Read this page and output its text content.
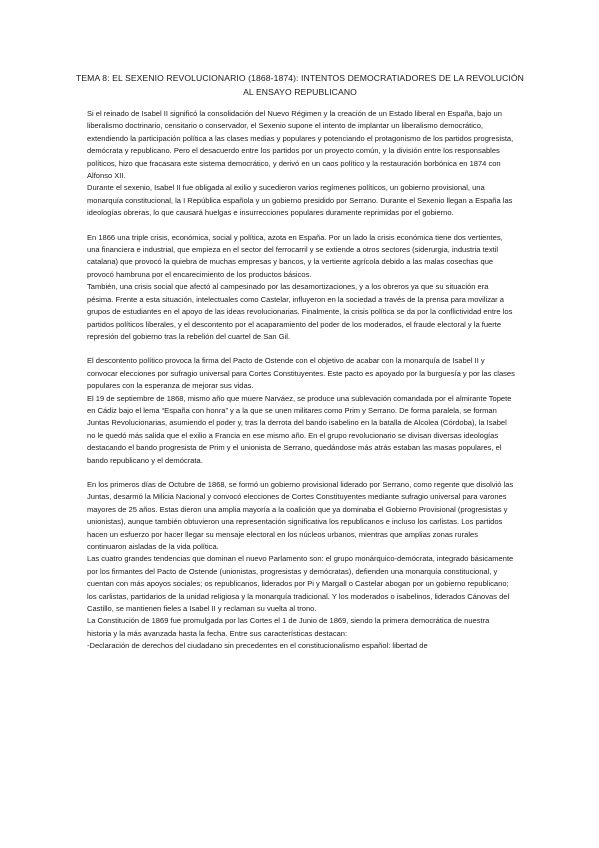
TEMA 8: EL SEXENIO REVOLUCIONARIO (1868-1874): INTENTOS DEMOCRATIADORES DE LA REVOLUCIÓN AL ENSAYO REPUBLICANO

Si el reinado de Isabel II significó la consolidación del Nuevo Régimen y la creación de un Estado liberal en España, bajo un liberalismo doctrinario, censitario o conservador, el Sexenio supone el intento de implantar un liberalismo democrático, extendiendo la participación política a las clases medias y populares y potenciando el protagonismo de los partidos progresista, demócrata y republicano. Pero el desacuerdo entre los partidos por un proyecto común, y la división entre los responsables políticos, hizo que fracasara este sistema democrático, y derivó en un caos político y la restauración borbónica en 1874 con Alfonso XII.

Durante el sexenio, Isabel II fue obligada al exilio y sucedieron varios regímenes políticos, un gobierno provisional, una monarquía constitucional, la I República española y un gobierno presidido por Serrano. Durante el Sexenio llegan a España las ideologías obreras, lo que causará huelgas e insurrecciones populares duramente reprimidas por el gobierno.

En 1866 una triple crisis, económica, social y política, azota en España. Por un lado la crisis económica tiene dos vertientes, una financiera e industrial, que empieza en el sector del ferrocarril y se extiende a otros sectores (siderurgia, industria textil catalana) que provocó la quiebra de muchas empresas y bancos, y la vertiente agrícola debido a las malas cosechas que provocó hambruna por el encarecimiento de los productos básicos.

También, una crisis social que afectó al campesinado por las desamortizaciones, y a los obreros ya que su situación era pésima. Frente a esta situación, intelectuales como Castelar, influyeron en la sociedad a través de la prensa para movilizar a grupos de estudiantes en el apoyo de las ideas revolucionarias. Finalmente, la crisis política se da por la conflictividad entre los partidos políticos liberales, y el descontento por el acaparamiento del poder de los moderados, el fraude electoral y la fuerte represión del gobierno tras la rebelión del cuartel de San Gil.

El descontento político provoca la firma del Pacto de Ostende con el objetivo de acabar con la monarquía de Isabel II y convocar elecciones por sufragio universal para Cortes Constituyentes. Este pacto es apoyado por la burguesía y por las clases populares con la esperanza de mejorar sus vidas.

El 19 de septiembre de 1868, mismo año que muere Narváez, se produce una sublevación comandada por el almirante Topete en Cádiz bajo el lema “España con honra” y a la que se unen militares como Prim y Serrano. De forma paralela, se forman Juntas Revolucionarias, asumiendo el poder y, tras la derrota del bando isabelino en la batalla de Alcolea (Córdoba), la Isabel no le quedó más salida que el exilio a Francia en ese mismo año. En el grupo revolucionario se divisan diversas ideologías destacando el bando progresista de Prim y el unionista de Serrano, quedándose más atrás estaban las masas populares, el bando republicano y el demócrata.

En los primeros días de Octubre de 1868, se formó un gobierno provisional liderado por Serrano, como regente que disolvió las Juntas, desarmó la Milicia Nacional y convocó elecciones de Cortes Constituyentes mediante sufragio universal para varones mayores de 25 años. Estas dieron una amplia mayoría a la coalición que ya dominaba el Gobierno Provisional (progresistas y unionistas), aunque también obtuvieron una representación significativa los republicanos e incluso los carlistas. Los partidos hacen un esfuerzo por hacer llegar su mensaje electoral en los núcleos urbanos, mientras que amplias zonas rurales continuaron aisladas de la vida política.

Las cuatro grandes tendencias que dominan el nuevo Parlamento son: el grupo monárquico-demócrata, integrado básicamente por los firmantes del Pacto de Ostende (unionistas, progresistas y demócratas), defienden una monarquía constitucional, y cuentan con más apoyos sociales; os republicanos, liderados por Pi y Margall o Castelar abogan por un gobierno republicano; los carlistas, partidarios de la unidad religiosa y la monarquía tradicional. Y los moderados o isabelinos, liderados Cánovas del Castillo, se mantienen fieles a Isabel II y reclaman su vuelta al trono.

La Constitución de 1869 fue promulgada por las Cortes el 1 de Junio de 1869, siendo la primera democrática de nuestra historia y la más avanzada hasta la fecha. Entre sus características destacan:

-Declaración de derechos del ciudadano sin precedentes en el constitucionalismo español: libertad de
